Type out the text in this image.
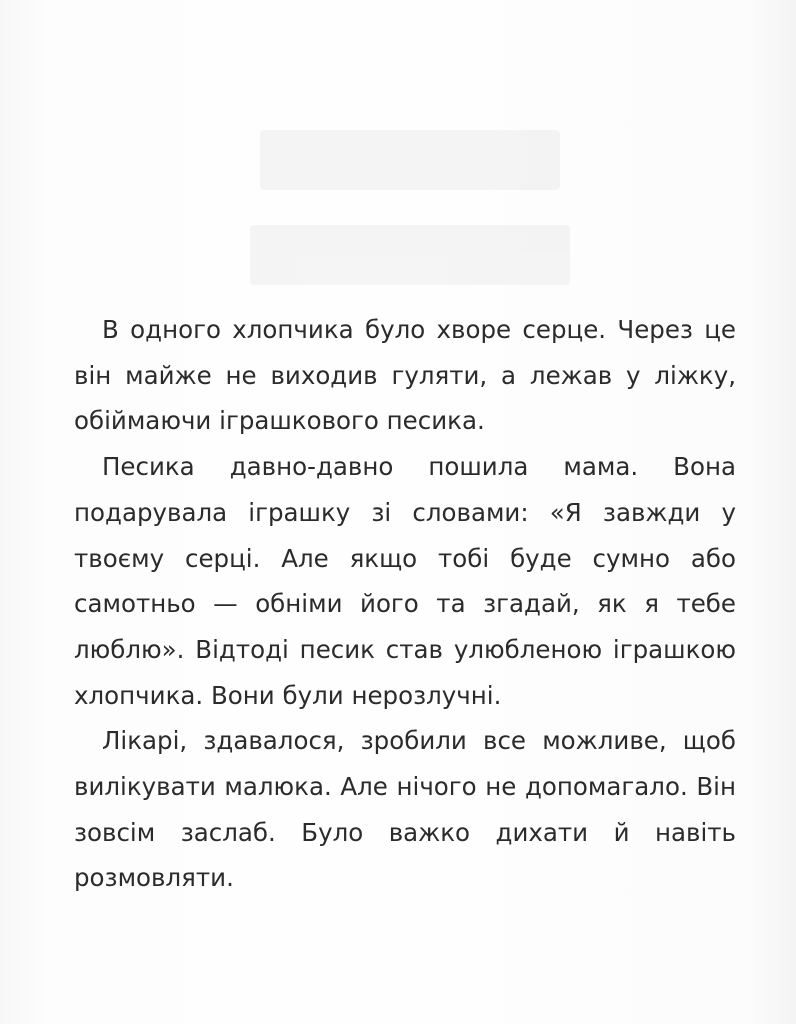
В одного хлопчика було хворе серце. Через це він майже не виходив гуляти, а лежав у ліжку, обіймаючи іграшкового песика.

Песика давно-давно пошила мама. Вона подарувала іграшку зі словами: «Я завжди у твоєму серці. Але якщо тобі буде сумно або самотньо — обніми його та згадай, як я тебе люблю». Відтоді песик став улюбленою іграшкою хлопчика. Вони були нерозлучні.

Лікарі, здавалося, зробили все можливе, щоб вилікувати малюка. Але нічого не допомагало. Він зовсім заслаб. Було важко дихати й навіть розмовляти.
